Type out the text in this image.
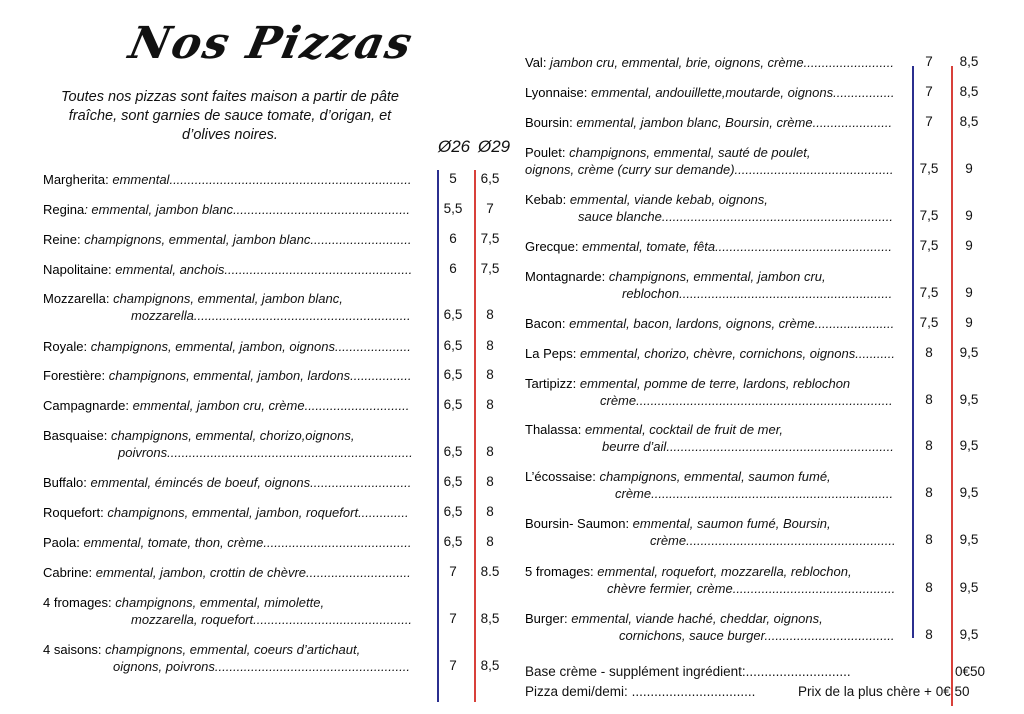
Nos Pizzas
Toutes nos pizzas sont faites maison a partir de pâte fraîche, sont garnies de sauce tomate, d’origan, et d’olives noires.
Ø26 Ø29
Margherita: emmental...................................................................	5	6,5
Regina: emmental, jambon blanc.................................................	5,5	7
Reine: champignons, emmental, jambon blanc............................	6	7,5
Napolitaine: emmental, anchois....................................................	6	7,5
Mozzarella: champignons, emmental, jambon blanc,
mozzarella............................................................	6,5	8
Royale: champignons, emmental, jambon, oignons.....................	6,5	8
Forestière: champignons, emmental, jambon, lardons.................	6,5	8
Campagnarde: emmental, jambon cru, crème.............................	6,5	8
Basquaise: champignons, emmental, chorizo,oignons,
poivrons....................................................................	6,5	8
Buffalo: emmental, émincés de boeuf, oignons............................	6,5	8
Roquefort: champignons, emmental, jambon, roquefort..............	6,5	8
Paola: emmental, tomate, thon, crème.........................................	6,5	8
Cabrine: emmental, jambon, crottin de chèvre.............................	7	8.5
4 fromages: champignons, emmental, mimolette,
mozzarella, roquefort............................................	7	8,5
4 saisons: champignons, emmental, coeurs d’artichaut,
oignons, poivrons......................................................	7	8,5
Val: jambon cru, emmental, brie, oignons, crème.........................	7	8,5
Lyonnaise: emmental, andouillette,moutarde, oignons.................	7	8,5
Boursin: emmental, jambon blanc, Boursin, crème......................	7	8,5
Poulet: champignons, emmental, sauté de poulet,
oignons, crème (curry sur demande)............................................	7,5	9
Kebab: emmental, viande kebab, oignons,
sauce blanche................................................................	7,5	9
Grecque: emmental, tomate, fêta.................................................	7,5	9
Montagnarde: champignons, emmental, jambon cru,
reblochon...........................................................	7,5	9
Bacon: emmental, bacon, lardons, oignons, crème......................	7,5	9
La Peps: emmental, chorizo, chèvre, cornichons, oignons...........	8	9,5
Tartipizz: emmental, pomme de terre, lardons, reblochon
crème.......................................................................	8	9,5
Thalassa: emmental, cocktail de fruit de mer,
beurre d’ail...............................................................	8	9,5
L’écossaise: champignons, emmental, saumon fumé,
crème...................................................................	8	9,5
Boursin- Saumon: emmental, saumon fumé, Boursin,
crème..........................................................	8	9,5
5 fromages: emmental, roquefort, mozzarella, reblochon,
chèvre fermier, crème.............................................	8	9,5
Burger: emmental, viande haché, cheddar, oignons,
cornichons, sauce burger....................................	8	9,5
Base crème - supplément ingrédient:............................	0€50
Pizza demi/demi: .................................	Prix de la plus chère + 0€ 50
